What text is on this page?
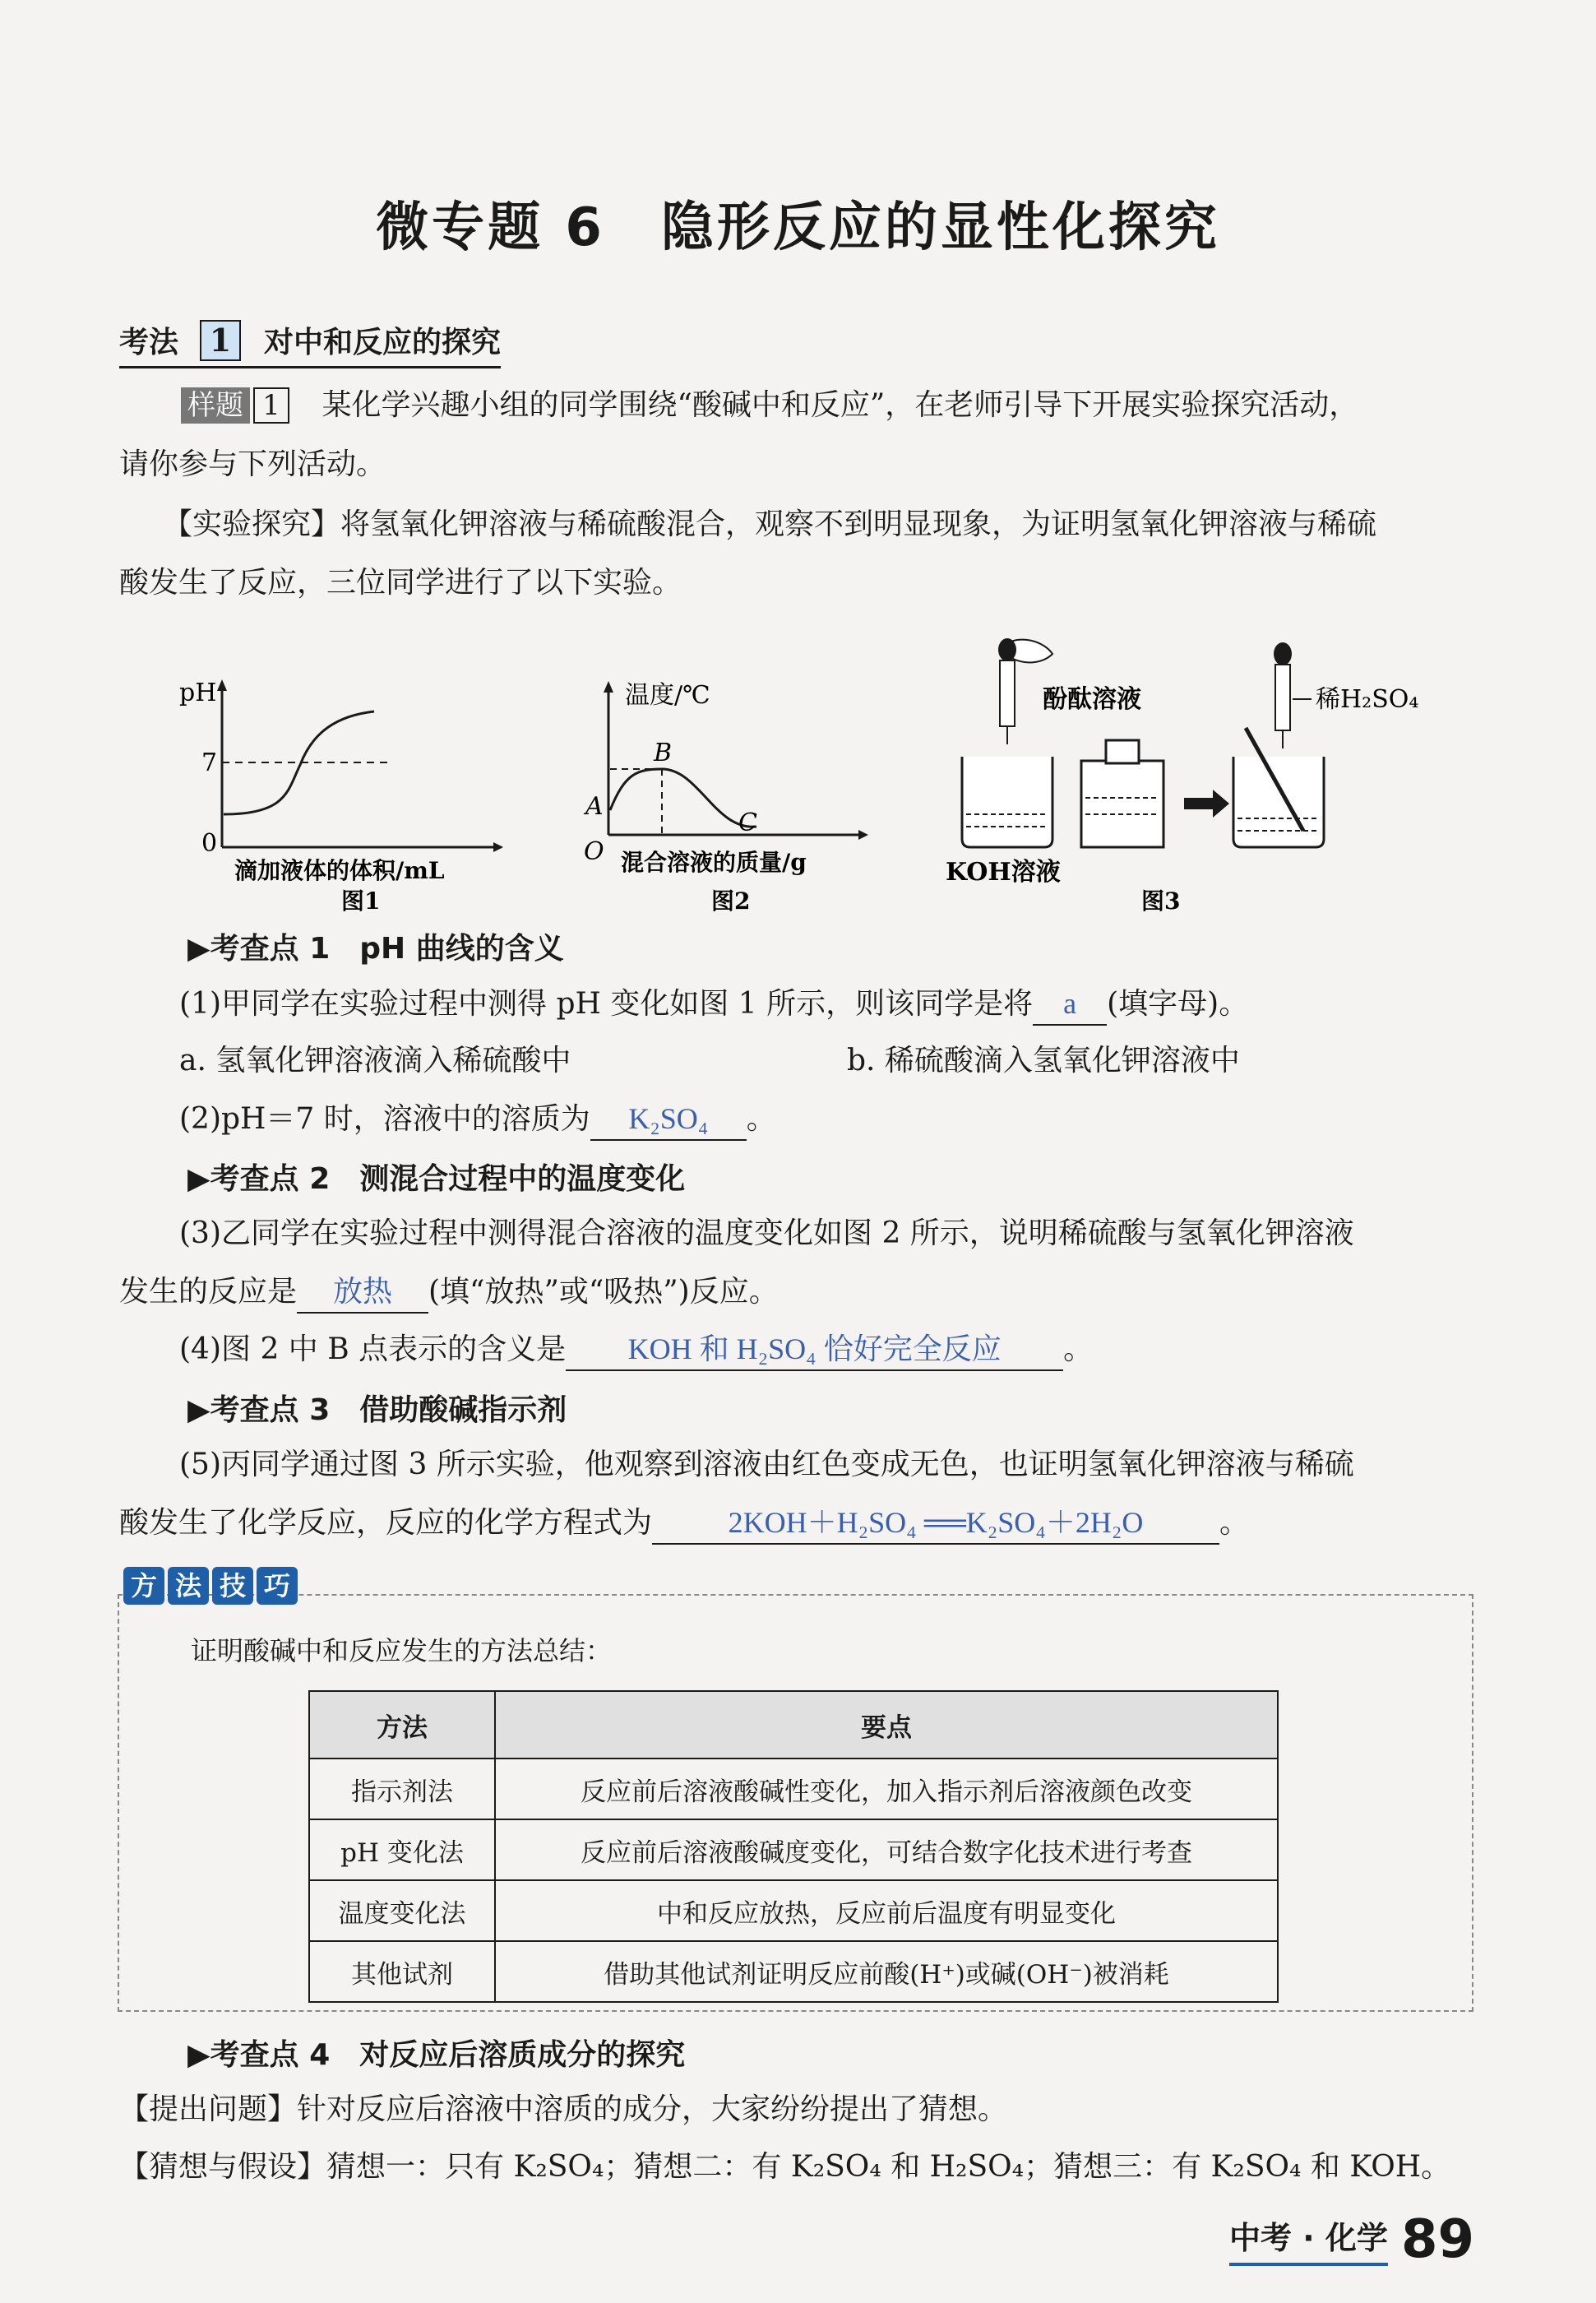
微专题 6　隐形反应的显性化探究
考法 1	对中和反应的探究
样题 1 某化学兴趣小组的同学围绕“酸碱中和反应”，在老师引导下开展实验探究活动，
请你参与下列活动。
【实验探究】将氢氧化钾溶液与稀硫酸混合，观察不到明显现象，为证明氢氧化钾溶液与稀硫
酸发生了反应，三位同学进行了以下实验。
pH
7
0
滴加液体的体积/mL
图1
温度/℃
B
A
C
O 混合溶液的质量/g
图2
酚酞溶液	稀H₂SO₄
KOH溶液
图3
▶考查点 1　pH 曲线的含义
(1)甲同学在实验过程中测得 pH 变化如图 1 所示，则该同学是将 a (填字母)。
a. 氢氧化钾溶液滴入稀硫酸中	b. 稀硫酸滴入氢氧化钾溶液中
(2)pH＝7 时，溶液中的溶质为 K₂SO₄ 。
▶考查点 2　测混合过程中的温度变化
(3)乙同学在实验过程中测得混合溶液的温度变化如图 2 所示，说明稀硫酸与氢氧化钾溶液
发生的反应是 放热 (填“放热”或“吸热”)反应。
(4)图 2 中 B 点表示的含义是 KOH 和 H₂SO₄ 恰好完全反应 。
▶考查点 3　借助酸碱指示剂
(5)丙同学通过图 3 所示实验，他观察到溶液由红色变成无色，也证明氢氧化钾溶液与稀硫
酸发生了化学反应，反应的化学方程式为	2KOH＋H₂SO₄ ══K₂SO₄＋2H₂O	。
方 法 技 巧
证明酸碱中和反应发生的方法总结：
方法	要点
指示剂法	反应前后溶液酸碱性变化，加入指示剂后溶液颜色改变
pH 变化法	反应前后溶液酸碱度变化，可结合数字化技术进行考查
温度变化法	中和反应放热，反应前后温度有明显变化
其他试剂	借助其他试剂证明反应前酸(H⁺)或碱(OH⁻)被消耗
▶考查点 4　对反应后溶质成分的探究
【提出问题】针对反应后溶液中溶质的成分，大家纷纷提出了猜想。
【猜想与假设】猜想一：只有 K₂SO₄；猜想二：有 K₂SO₄ 和 H₂SO₄；猜想三：有 K₂SO₄ 和 KOH。
中考 · 化学 89
